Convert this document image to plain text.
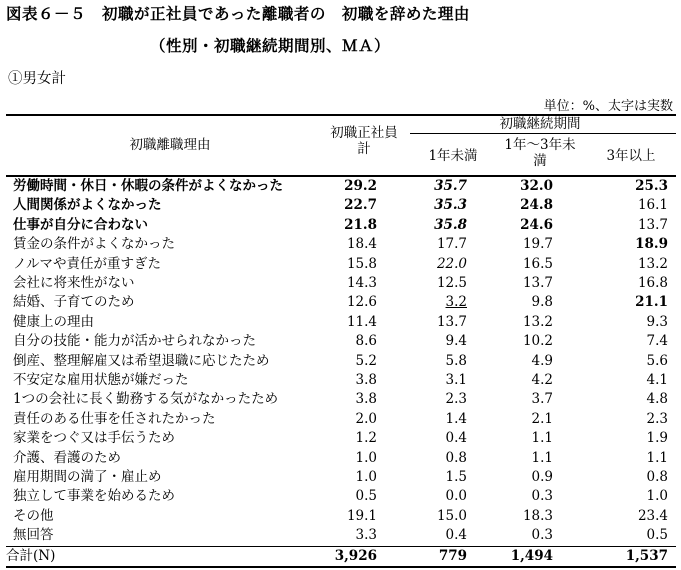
図表６－５　初職が正社員であった離職者の　初職を辞めた理由
（性別・初職継続期間別、ＭＡ）
①男女計
単位：%、太字は実数
初職離職理由
初職正社員計
初職継続期間
1年未満
1年～3年未満	3年以上
労働時間・休日・休暇の条件がよくなかった	29.2	35.7	32.0	25.3
人間関係がよくなかった	22.7	35.3	24.8	16.1
仕事が自分に合わない	21.8	35.8	24.6	13.7
賃金の条件がよくなかった	18.4	17.7	19.7	18.9
ノルマや責任が重すぎた	15.8	22.0	16.5	13.2
会社に将来性がない	14.3	12.5	13.7	16.8
結婚、子育てのため	12.6	3.2	9.8	21.1
健康上の理由	11.4	13.7	13.2	9.3
自分の技能・能力が活かせられなかった	8.6	9.4	10.2	7.4
倒産、整理解雇又は希望退職に応じたため	5.2	5.8	4.9	5.6
不安定な雇用状態が嫌だった	3.8	3.1	4.2	4.1
1つの会社に長く勤務する気がなかったため	3.8	2.3	3.7	4.8
責任のある仕事を任されたかった	2.0	1.4	2.1	2.3
家業をつぐ又は手伝うため	1.2	0.4	1.1	1.9
介護、看護のため	1.0	0.8	1.1	1.1
雇用期間の満了・雇止め	1.0	1.5	0.9	0.8
独立して事業を始めるため	0.5	0.0	0.3	1.0
その他	19.1	15.0	18.3	23.4
無回答	3.3	0.4	0.3	0.5
合計(N)	3,926	779	1,494	1,537
